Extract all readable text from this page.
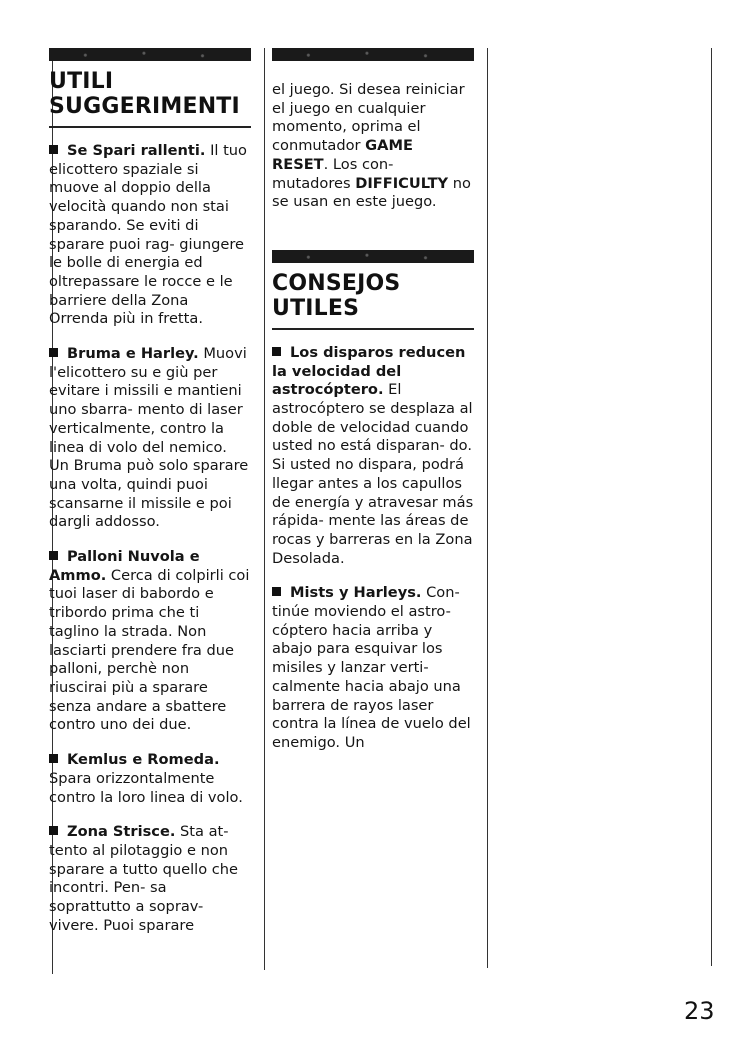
UTILI
SUGGERIMENTI

Se Spari rallenti. Il tuo elicottero spaziale si muove al doppio della velocità quando non stai sparando. Se eviti di sparare puoi rag- giungere le bolle di energia ed oltrepassare le rocce e le barriere della Zona Orrenda più in fretta.

Bruma e Harley. Muovi l'elicottero su e giù per evitare i missili e mantieni uno sbarra- mento di laser verticalmente, contro la linea di volo del nemico. Un Bruma può solo sparare una volta, quindi puoi scansarne il missile e poi dargli addosso.

Palloni Nuvola e Ammo. Cerca di colpirli coi tuoi laser di babordo e tribordo prima che ti taglino la strada. Non lasciarti prendere fra due palloni, perchè non riuscirai più a sparare senza andare a sbattere contro uno dei due.

Kemlus e Romeda. Spara orizzontalmente contro la loro linea di volo.

Zona Strisce. Sta at- tento al pilotaggio e non sparare a tutto quello che incontri. Pen- sa soprattutto a soprav- vivere. Puoi sparare

el juego. Si desea reiniciar el juego en cualquier momento, oprima el conmutador GAME RESET. Los con- mutadores DIFFICULTY no se usan en este juego.

CONSEJOS
UTILES

Los disparos reducen la velocidad del astrocóptero. El astrocóptero se desplaza al doble de velocidad cuando usted no está disparan- do. Si usted no dispara, podrá llegar antes a los capullos de energía y atravesar más rápida- mente las áreas de rocas y barreras en la Zona Desolada.

Mists y Harleys. Con- tinúe moviendo el astro- cóptero hacia arriba y abajo para esquivar los misiles y lanzar verti- calmente hacia abajo una barrera de rayos laser contra la línea de vuelo del enemigo. Un

23
